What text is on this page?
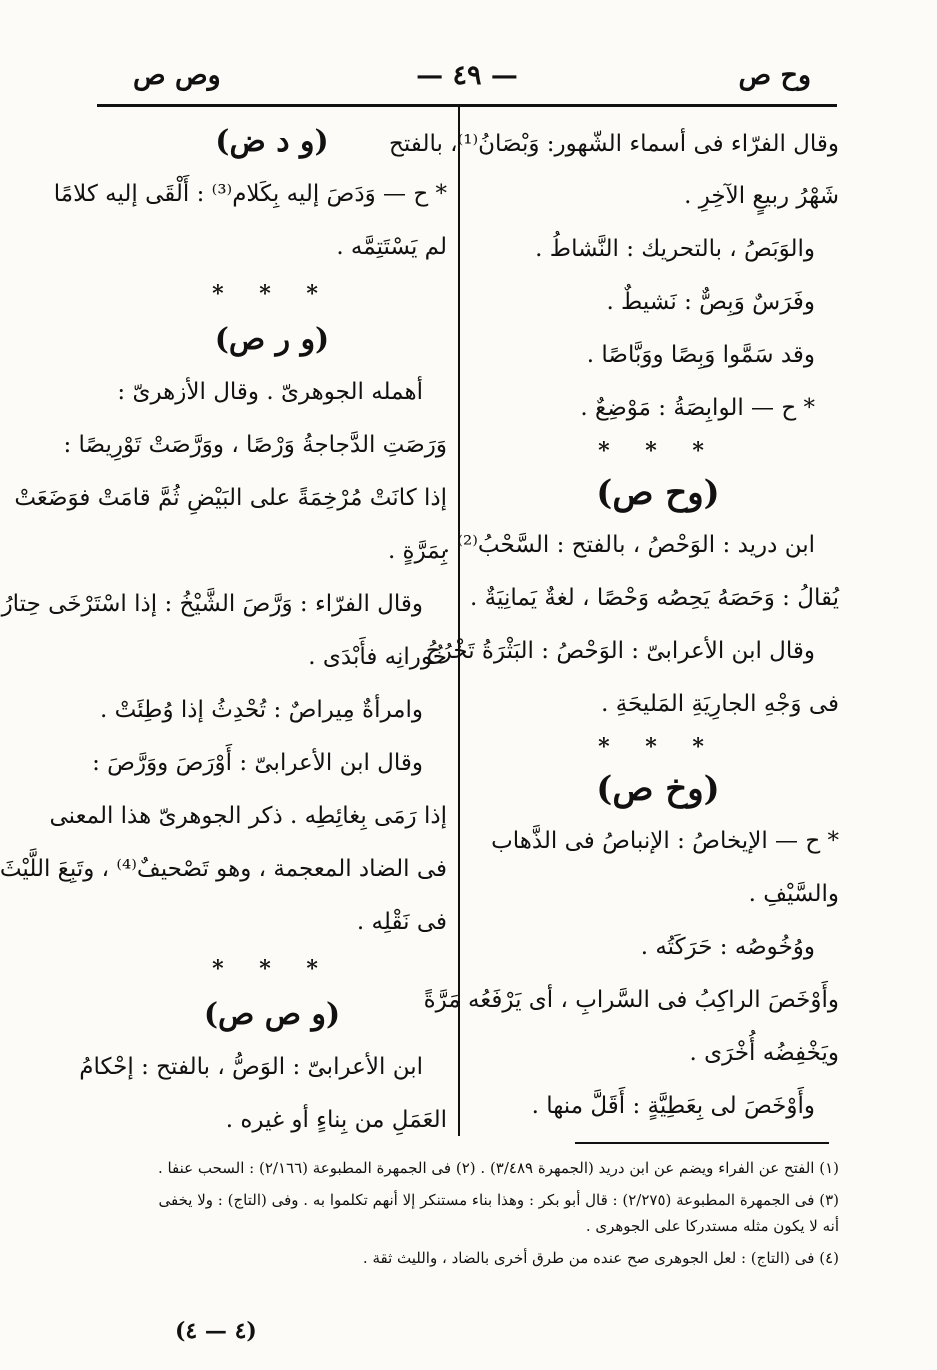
وح ص
— ٤٩ —
وص ص
وقال الفرّاء فى أسماء الشّهور: وَبْصَانُ⁽¹⁾، بالفتح
شَهْرُ ربيعٍ الآخِرِ .
والوَبَصُ ، بالتحريك : النَّشاطُ .
وفَرَسٌ وَبِصٌّ : نَشيطٌ .
وقد سَمَّوا وَبِصًا ووَبَّاصًا .
* ح — الوابِصَةُ : مَوْضِعٌ .
* * *
(وح ص)
ابن دريد : الوَحْصُ ، بالفتح : السَّحْبُ⁽²⁾ .
يُقالُ : وَحَصَهُ يَحِصُه وَحْصًا ، لغةٌ يَمانِيَةٌ .
وقال ابن الأعرابىّ : الوَحْصُ : البَثْرَةُ تَخْرُجُ
فى وَجْهِ الجارِيَةِ المَليحَةِ .
* * *
(وخ ص)
* ح — الإيخاصُ : الإنباصُ فى الذَّهاب
والسَّيْفِ .
ووُخُوصُه : حَرَكَتُه .
وأَوْخَصَ الراكِبُ فى السَّرابِ ، أى يَرْفَعُه مَرَّةً
ويَخْفِضُه أُخْرَى .
وأَوْخَصَ لى بِعَطِيَّةٍ : أَقَلَّ منها .
(و د ض)
* ح — وَدَصَ إليه بِكَلام⁽³⁾ : أَلْقَى إليه كلامًا
لم يَسْتَتِمَّه .
* * *
(و ر ص)
أهمله الجوهرىّ . وقال الأزهرىّ :
وَرَصَتِ الدَّجاجةُ وَرْصًا ، ووَرَّصَتْ تَوْرِيصًا :
إذا كانَتْ مُرْخِمَةً على البَيْضِ ثُمَّ قامَتْ فوَضَعَتْ
بِمَرَّةٍ .
وقال الفرّاء : وَرَّصَ الشَّيْخُ : إذا اسْتَرْخَى حِتارُ
خُورانِه فأَبْدَى .
وامرأةٌ مِيراصٌ : تُحْدِثُ إذا وُطِئَتْ .
وقال ابن الأعرابىّ : أَوْرَصَ ووَرَّصَ :
إذا رَمَى بِغائِطِه . ذكر الجوهرىّ هذا المعنى
فى الضاد المعجمة ، وهو تَصْحيفٌ⁽⁴⁾ ، وتَبِعَ اللَّيْثَ
فى نَقْلِه .
* * *
(و ص ص)
ابن الأعرابىّ : الوَصُّ ، بالفتح : إحْكامُ
العَمَلِ من بِناءٍ أو غيره .
(١) الفتح عن الفراء ويضم عن ابن دريد (الجمهرة ٣/٤٨٩) . (٢) فى الجمهرة المطبوعة (٢/١٦٦) : السحب عنفا .
(٣) فى الجمهرة المطبوعة (٢/٢٧٥) : قال أبو بكر : وهذا بناء مستنكر إلا أنهم تكلموا به . وفى (التاج) : ولا يخفى
أنه لا يكون مثله مستدركا على الجوهرى .
(٤) فى (التاج) : لعل الجوهرى صح عنده من طرق أخرى بالضاد ، والليث ثقة .
(٤ — ٤)
